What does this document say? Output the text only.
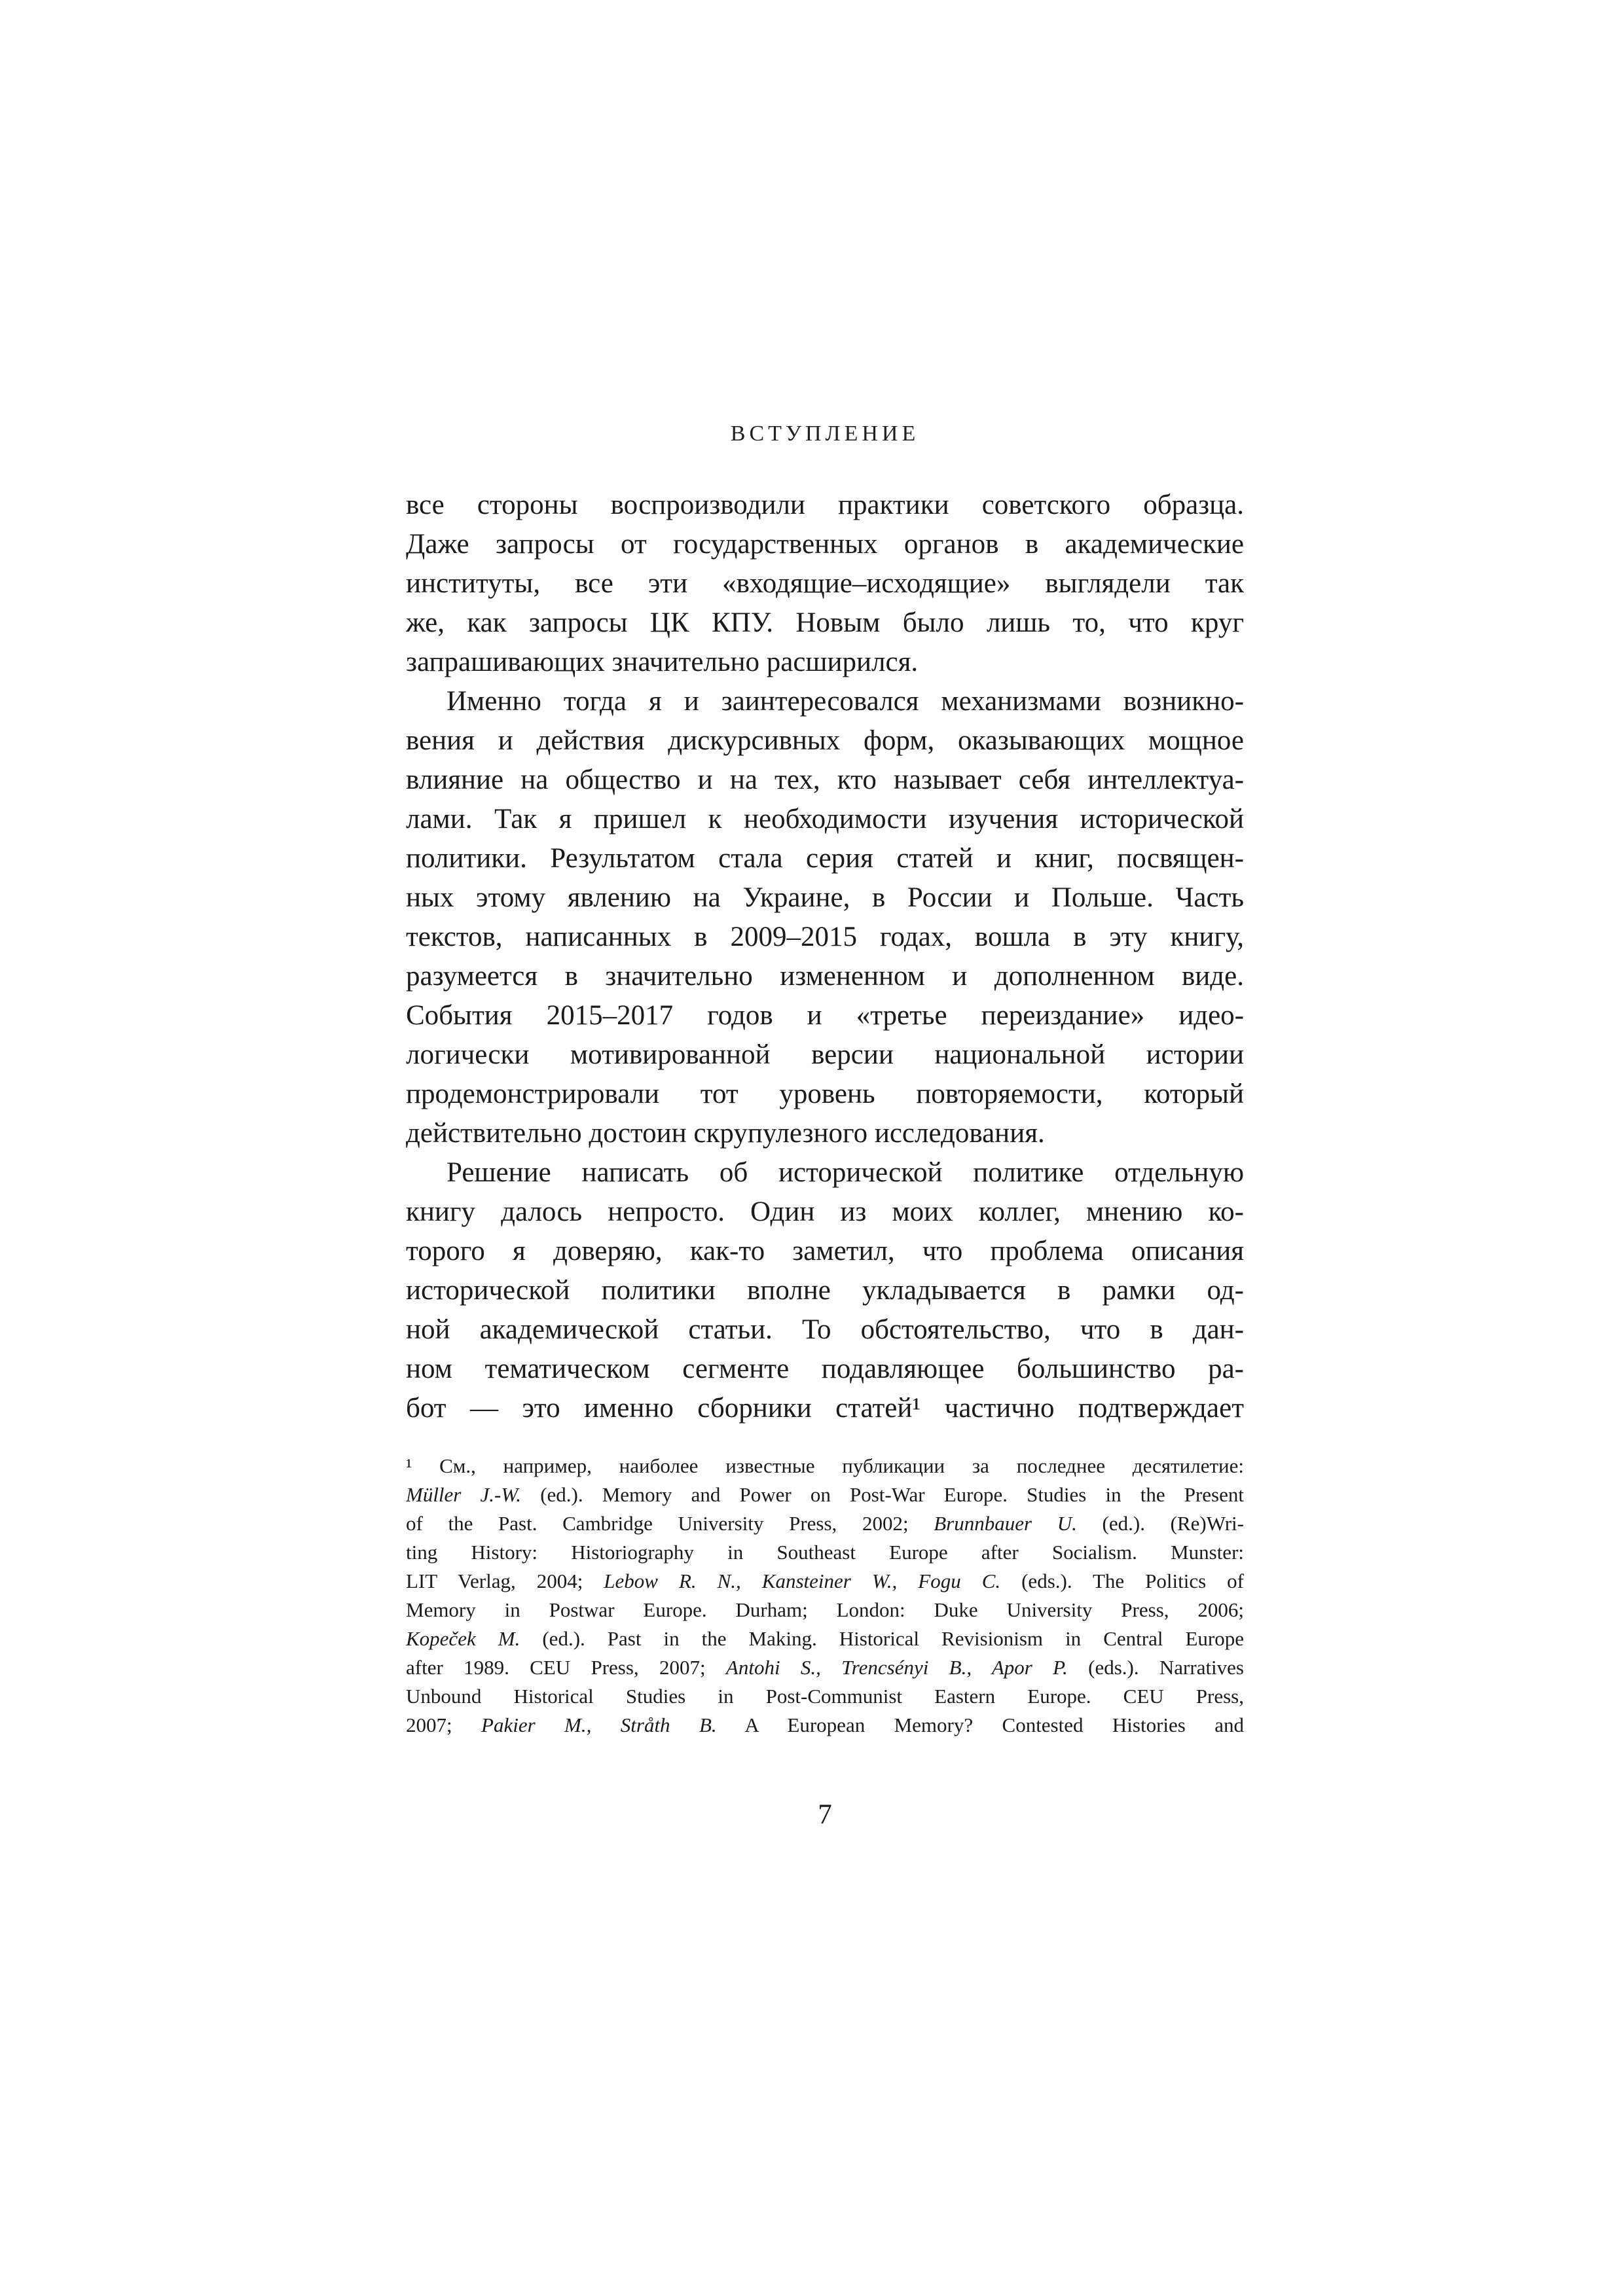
ВСТУПЛЕНИЕ
все стороны воспроизводили практики советского образца.
Даже запросы от государственных органов в академические
институты, все эти «входящие–исходящие» выглядели так
же, как запросы ЦК КПУ. Новым было лишь то, что круг
запрашивающих значительно расширился.
Именно тогда я и заинтересовался механизмами возникно-
вения и действия дискурсивных форм, оказывающих мощное
влияние на общество и на тех, кто называет себя интеллектуа-
лами. Так я пришел к необходимости изучения исторической
политики. Результатом стала серия статей и книг, посвящен-
ных этому явлению на Украине, в России и Польше. Часть
текстов, написанных в 2009–2015 годах, вошла в эту книгу,
разумеется в значительно измененном и дополненном виде.
События 2015–2017 годов и «третье переиздание» идео-
логически мотивированной версии национальной истории
продемонстрировали тот уровень повторяемости, который
действительно достоин скрупулезного исследования.
Решение написать об исторической политике отдельную
книгу далось непросто. Один из моих коллег, мнению ко-
торого я доверяю, как-то заметил, что проблема описания
исторической политики вполне укладывается в рамки од-
ной академической статьи. То обстоятельство, что в дан-
ном тематическом сегменте подавляющее большинство ра-
бот — это именно сборники статей¹ частично подтверждает
¹ См., например, наиболее известные публикации за последнее десятилетие:
Müller J.-W. (ed.). Memory and Power on Post-War Europe. Studies in the Present
of the Past. Cambridge University Press, 2002; Brunnbauer U. (ed.). (Re)Wri-
ting History: Historiography in Southeast Europe after Socialism. Munster:
LIT Verlag, 2004; Lebow R. N., Kansteiner W., Fogu C. (eds.). The Politics of
Memory in Postwar Europe. Durham; London: Duke University Press, 2006;
Kopeček M. (ed.). Past in the Making. Historical Revisionism in Central Europe
after 1989. CEU Press, 2007; Antohi S., Trencsényi B., Apor P. (eds.). Narratives
Unbound Historical Studies in Post-Communist Eastern Europe. CEU Press,
2007; Pakier M., Stråth B. A European Memory? Contested Histories and
7
